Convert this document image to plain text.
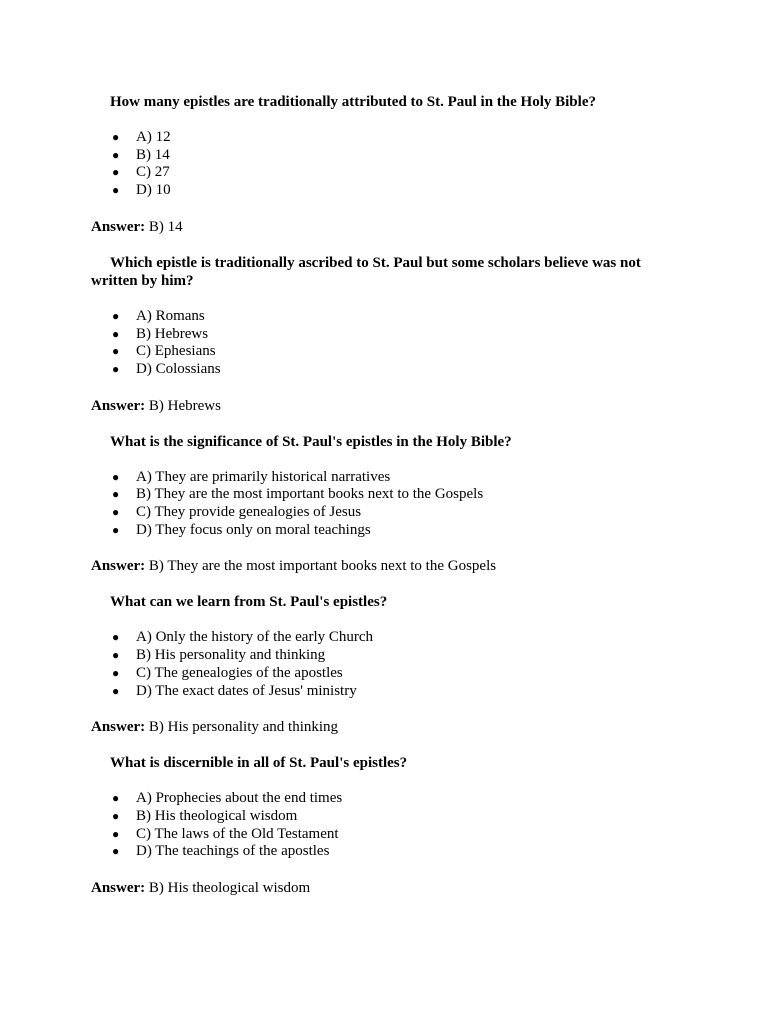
How many epistles are traditionally attributed to St. Paul in the Holy Bible?

● A) 12
● B) 14
● C) 27
● D) 10

Answer: B) 14

Which epistle is traditionally ascribed to St. Paul but some scholars believe was not written by him?

● A) Romans
● B) Hebrews
● C) Ephesians
● D) Colossians

Answer: B) Hebrews

What is the significance of St. Paul's epistles in the Holy Bible?

● A) They are primarily historical narratives
● B) They are the most important books next to the Gospels
● C) They provide genealogies of Jesus
● D) They focus only on moral teachings

Answer: B) They are the most important books next to the Gospels

What can we learn from St. Paul's epistles?

● A) Only the history of the early Church
● B) His personality and thinking
● C) The genealogies of the apostles
● D) The exact dates of Jesus' ministry

Answer: B) His personality and thinking

What is discernible in all of St. Paul's epistles?

● A) Prophecies about the end times
● B) His theological wisdom
● C) The laws of the Old Testament
● D) The teachings of the apostles

Answer: B) His theological wisdom
